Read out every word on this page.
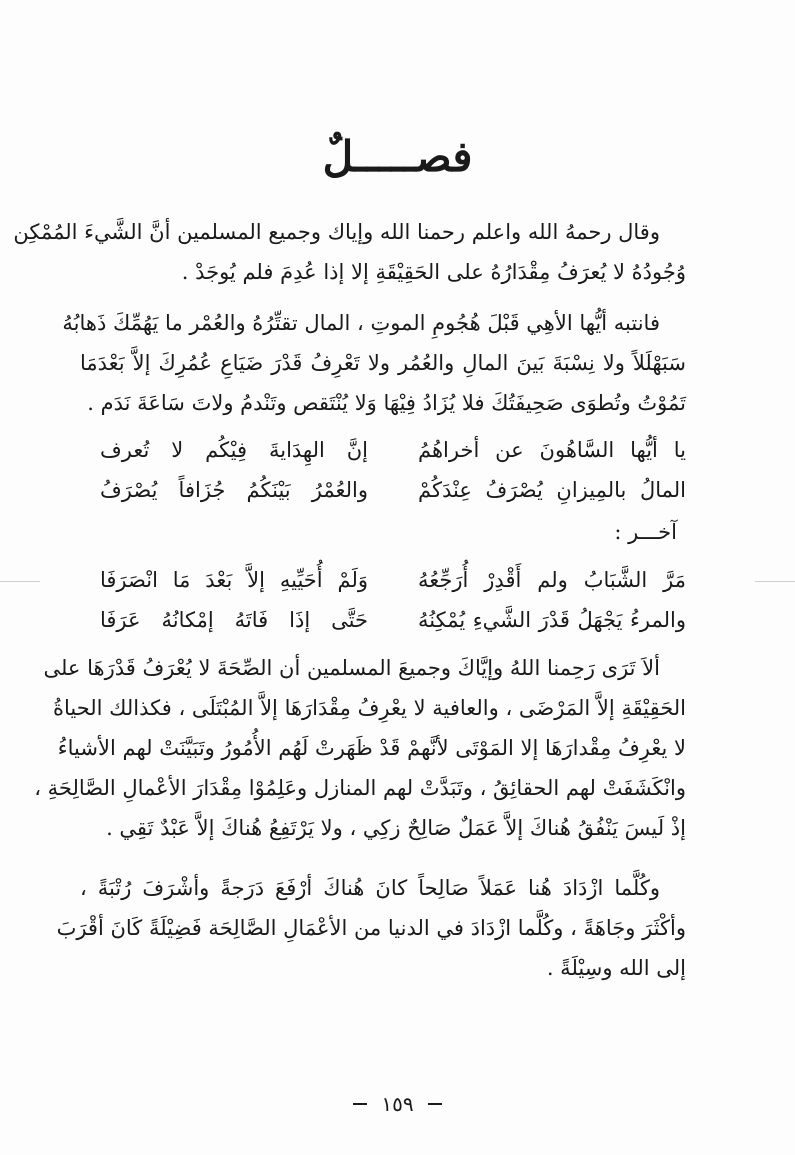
فصـــــلٌ
وقال رحمهُ الله واعلم رحمنا الله وإياك وجميع المسلمين أنَّ الشَّيءَ المُمْكِن
وُجُودُهُ لا يُعرَفُ مِقْدَارُهُ على الحَقِيْقَةِ إلا إذا عُدِمَ فلم يُوجَدْ .
فانتبه أيُّها الأهِي قَبْلَ هُجُومِ الموتِ ، المال تقتِّرُهُ والعُمْر ما يَهُمِّكَ ذَهابُهُ
سَبَهْلَلاً ولا نِسْبَةَ بَينَ المالِ والعُمُر ولا تَعْرِفُ قَدْرَ ضَيَاعِ عُمُرِكَ إلاَّ بَعْدَمَا
تَمُوْتُ وتُطوَى صَحِيفَتُكَ فلا يُزَادُ فِيْهَا وَلا يُنْتَقص وتَنْدمُ ولاتَ سَاعَةَ نَدَم .
يا أيُّها السَّاهُونَ عن أخراهُمُ
إنَّ الهِدَايةَ فِيْكُم لا تُعرف
المالُ بالمِيزانِ يُصْرَفُ عِنْدَكُمْ
والعُمْرُ بَيْنَكُمُ جُزَافاً يُصْرَفُ
آخـــر :
مَرَّ الشَّبَابُ ولم أَقْدِرْ أُرَجِّعُهُ
وَلَمْ أُحَيِّيهِ إلاَّ بَعْدَ مَا انْصَرَفَا
والمرءُ يَجْهَلُ قَدْرَ الشَّيءِ يُمْكِنُهُ
حَتَّى إذَا فَاتَهُ إمْكانُهُ عَرَفَا
ألاَ تَرَى رَحِمنا اللهُ وإيَّاكَ وجميعَ المسلمين أن الصِّحَةَ لا يُعْرَفُ قَدْرَهَا على
الحَقِيْقَةِ إلاَّ المَرْضَى ، والعافية لا يعْرِفُ مِقْدَارَهَا إلاَّ المُبْتَلَى ، فكذالك الحياةُ
لا يعْرِفُ مِقْدارَهَا إلا المَوْتَى لأنَّهمْ قَدْ ظَهَرتْ لَهُم الأُمُورُ وتَبَيَّنَتْ لهم الأشياءُ
وانْكَشَفَتْ لهم الحقائِقُ ، وتَبَدَّتْ لهم المنازل وعَلِمُوْا مِقْدَارَ الأعْمالِ الصَّالِحَةِ ،
إذْ لَيسَ يَنْفُقُ هُناكَ إلاَّ عَمَلٌ صَالِحٌ زكِي ، ولا يَرْتَفِعُ هُناكَ إلاَّ عَبْدٌ تَقِي .
وكُلَّما ازْدَادَ هُنا عَمَلاً صَالِحاً كانَ هُناكَ أرْفَعَ دَرَجةً وأشْرَفَ رُتْبَةً ،
وأكْثَرَ وجَاهَةً ، وكُلَّما ازْدَادَ في الدنيا من الأعْمَالِ الصَّالِحَة فَضِيْلَةً كَانَ أقْرَبَ
إلى الله وسِيْلَةً .
١٥٩
